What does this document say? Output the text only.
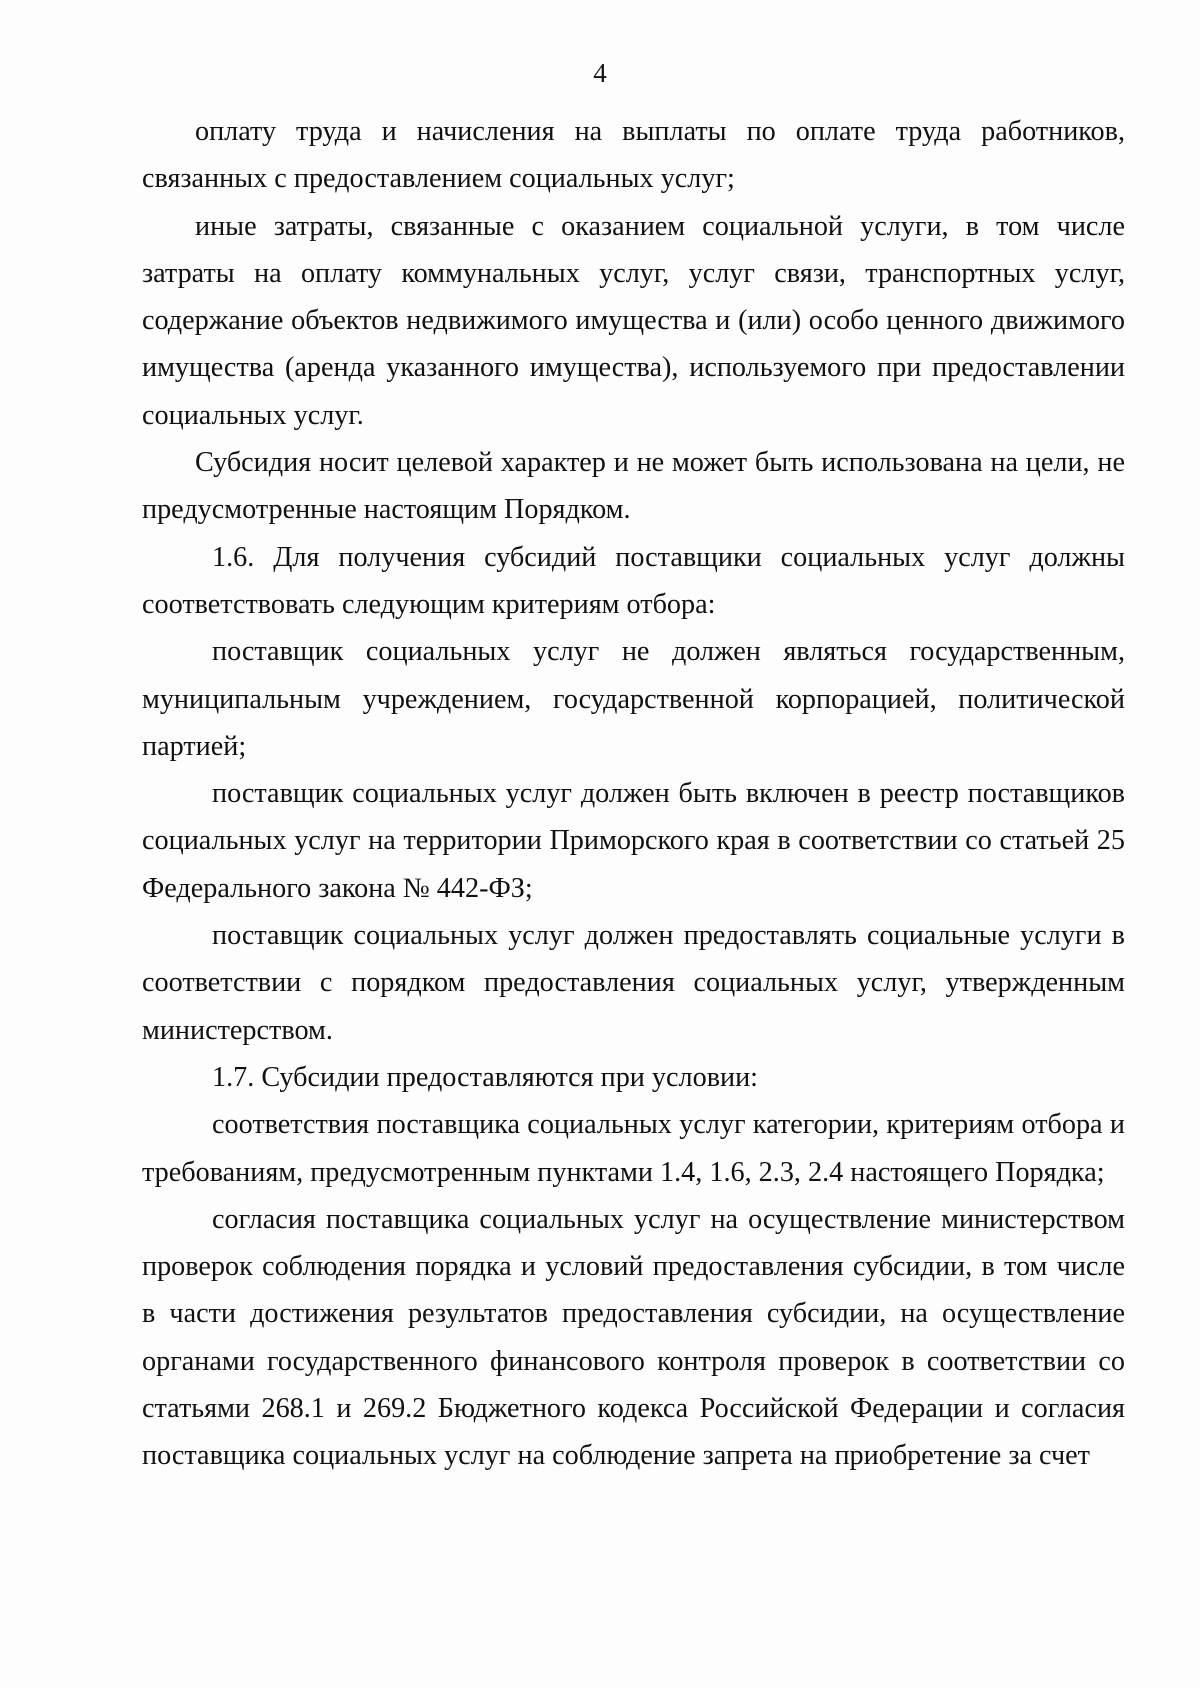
4

оплату труда и начисления на выплаты по оплате труда работников, связанных с предоставлением социальных услуг;

иные затраты, связанные с оказанием социальной услуги, в том числе затраты на оплату коммунальных услуг, услуг связи, транспортных услуг, содержание объектов недвижимого имущества и (или) особо ценного движимого имущества (аренда указанного имущества), используемого при предоставлении социальных услуг.

Субсидия носит целевой характер и не может быть использована на цели, не предусмотренные настоящим Порядком.

1.6. Для получения субсидий поставщики социальных услуг должны соответствовать следующим критериям отбора:

поставщик социальных услуг не должен являться государственным, муниципальным учреждением, государственной корпорацией, политической партией;

поставщик социальных услуг должен быть включен в реестр поставщиков социальных услуг на территории Приморского края в соответствии со статьей 25 Федерального закона № 442-ФЗ;

поставщик социальных услуг должен предоставлять социальные услуги в соответствии с порядком предоставления социальных услуг, утвержденным министерством.

1.7. Субсидии предоставляются при условии:

соответствия поставщика социальных услуг категории, критериям отбора и требованиям, предусмотренным пунктами 1.4, 1.6, 2.3, 2.4 настоящего Порядка;

согласия поставщика социальных услуг на осуществление министерством проверок соблюдения порядка и условий предоставления субсидии, в том числе в части достижения результатов предоставления субсидии, на осуществление органами государственного финансового контроля проверок в соответствии со статьями 268.1 и 269.2 Бюджетного кодекса Российской Федерации и согласия поставщика социальных услуг на соблюдение запрета на приобретение за счет
